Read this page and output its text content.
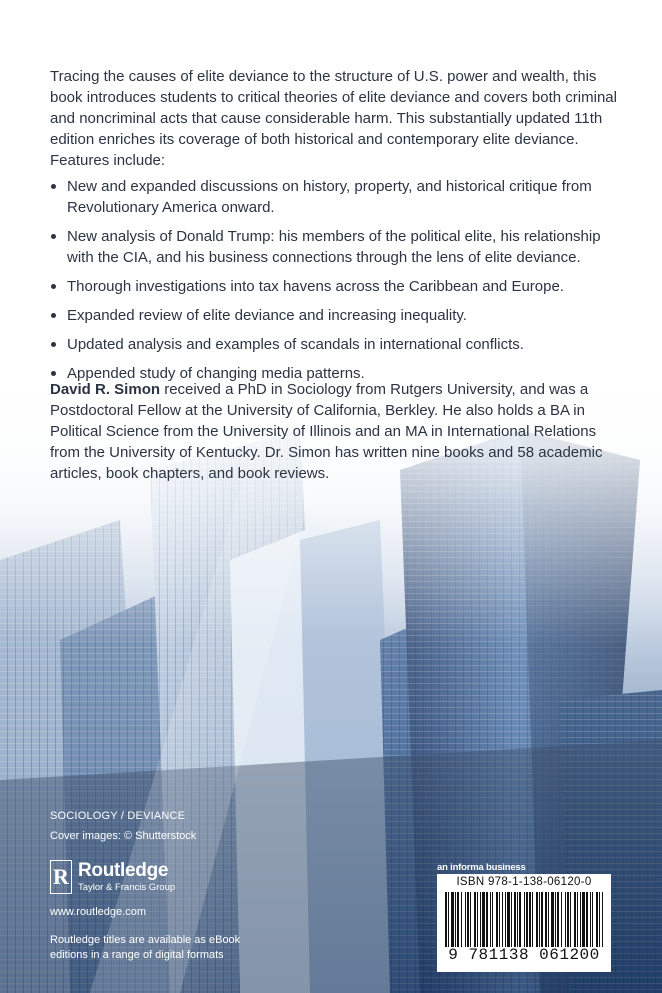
Tracing the causes of elite deviance to the structure of U.S. power and wealth, this book introduces students to critical theories of elite deviance and covers both criminal and noncriminal acts that cause considerable harm. This substantially updated 11th edition enriches its coverage of both historical and contemporary elite deviance. Features include:

New and expanded discussions on history, property, and historical critique from Revolutionary America onward.
New analysis of Donald Trump: his members of the political elite, his relationship with the CIA, and his business connections through the lens of elite deviance.
Thorough investigations into tax havens across the Caribbean and Europe.
Expanded review of elite deviance and increasing inequality.
Updated analysis and examples of scandals in international conflicts.
Appended study of changing media patterns.

David R. Simon received a PhD in Sociology from Rutgers University, and was a Postdoctoral Fellow at the University of California, Berkley. He also holds a BA in Political Science from the University of Illinois and an MA in International Relations from the University of Kentucky. Dr. Simon has written nine books and 58 academic articles, book chapters, and book reviews.

SOCIOLOGY / DEVIANCE
Cover images: © Shutterstock
R Routledge
Taylor & Francis Group
www.routledge.com
Routledge titles are available as eBook editions in a range of digital formats
an informa business
ISBN 978-1-138-06120-0
9 781138 061200
